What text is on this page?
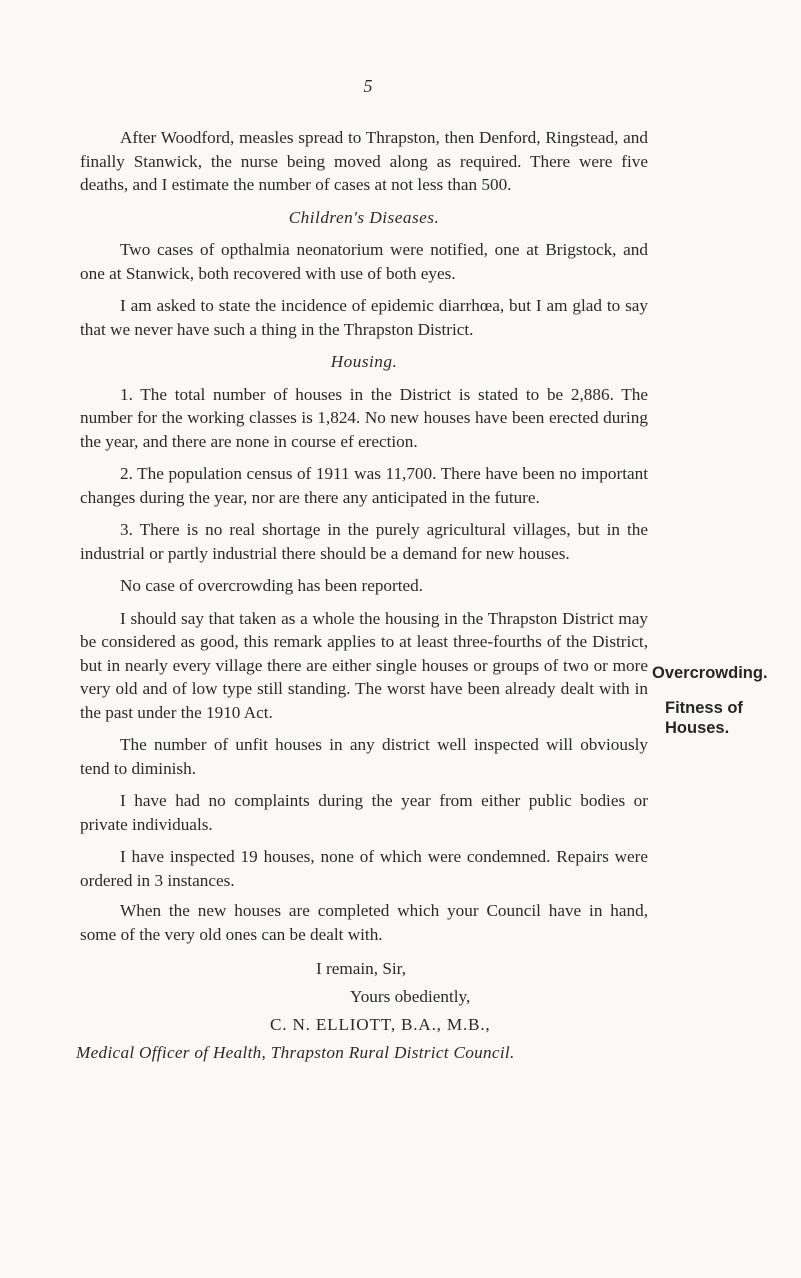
5

After Woodford, measles spread to Thrapston, then Denford, Ringstead, and finally Stanwick, the nurse being moved along as required. There were five deaths, and I estimate the number of cases at not less than 500.

Children's Diseases.

Two cases of opthalmia neonatorium were notified, one at Brigstock, and one at Stanwick, both recovered with use of both eyes.

I am asked to state the incidence of epidemic diarrhœa, but I am glad to say that we never have such a thing in the Thrapston District.

Housing.

1. The total number of houses in the District is stated to be 2,886. The number for the working classes is 1,824. No new houses have been erected during the year, and there are none in course ef erection.

2. The population census of 1911 was 11,700. There have been no important changes during the year, nor are there any anticipated in the future.

3. There is no real shortage in the purely agricultural villages, but in the industrial or partly industrial there should be a demand for new houses.

No case of overcrowding has been reported.

I should say that taken as a whole the housing in the Thrapston District may be considered as good, this remark applies to at least three-fourths of the District, but in nearly every village there are either single houses or groups of two or more very old and of low type still standing. The worst have been already dealt with in the past under the 1910 Act.

The number of unfit houses in any district well inspected will obviously tend to diminish.

I have had no complaints during the year from either public bodies or private individuals.

I have inspected 19 houses, none of which were condemned. Repairs were ordered in 3 instances.

When the new houses are completed which your Council have in hand, some of the very old ones can be dealt with.

I remain, Sir,
Yours obediently,
C. N. ELLIOTT, B.A., M.B.,
Medical Officer of Health, Thrapston Rural District Council.
Overcrowding.
Fitness of
Houses.
